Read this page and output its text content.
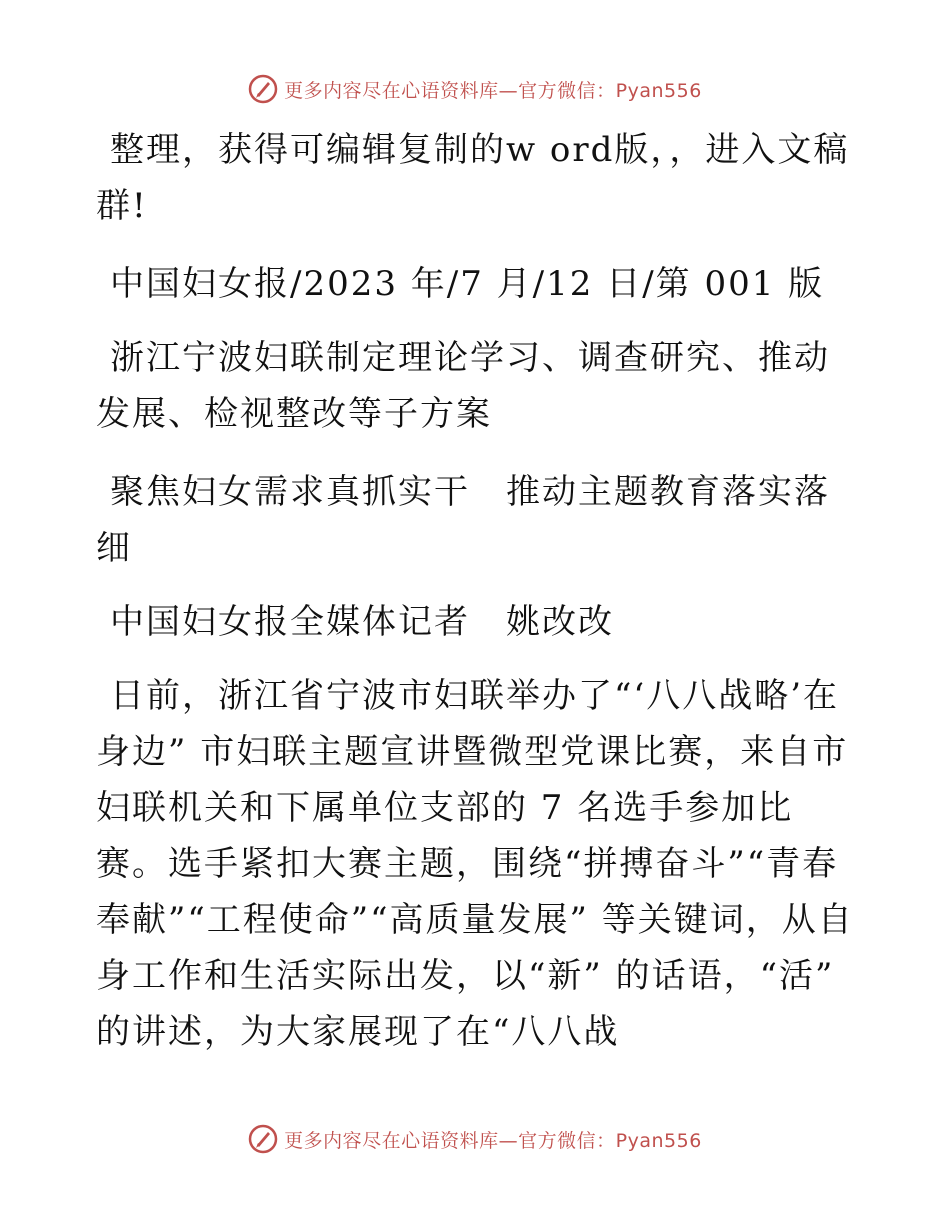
更多内容尽在心语资料库—官方微信：Pyan556

整理，获得可编辑复制的w ord版，，进入文稿群!

中国妇女报/2023 年/7 月/12 日/第 001 版

浙江宁波妇联制定理论学习、调查研究、推动发展、检视整改等子方案

聚焦妇女需求真抓实干　推动主题教育落实落细

中国妇女报全媒体记者　姚改改

日前，浙江省宁波市妇联举办了“‘八八战略’在身边” 市妇联主题宣讲暨微型党课比赛，来自市妇联机关和下属单位支部的 7 名选手参加比赛。选手紧扣大赛主题，围绕“拼搏奋斗”“青春奉献”“工程使命”“高质量发展” 等关键词，从自身工作和生活实际出发，以“新” 的话语，“活” 的讲述，为大家展现了在“八八战

更多内容尽在心语资料库—官方微信：Pyan556
